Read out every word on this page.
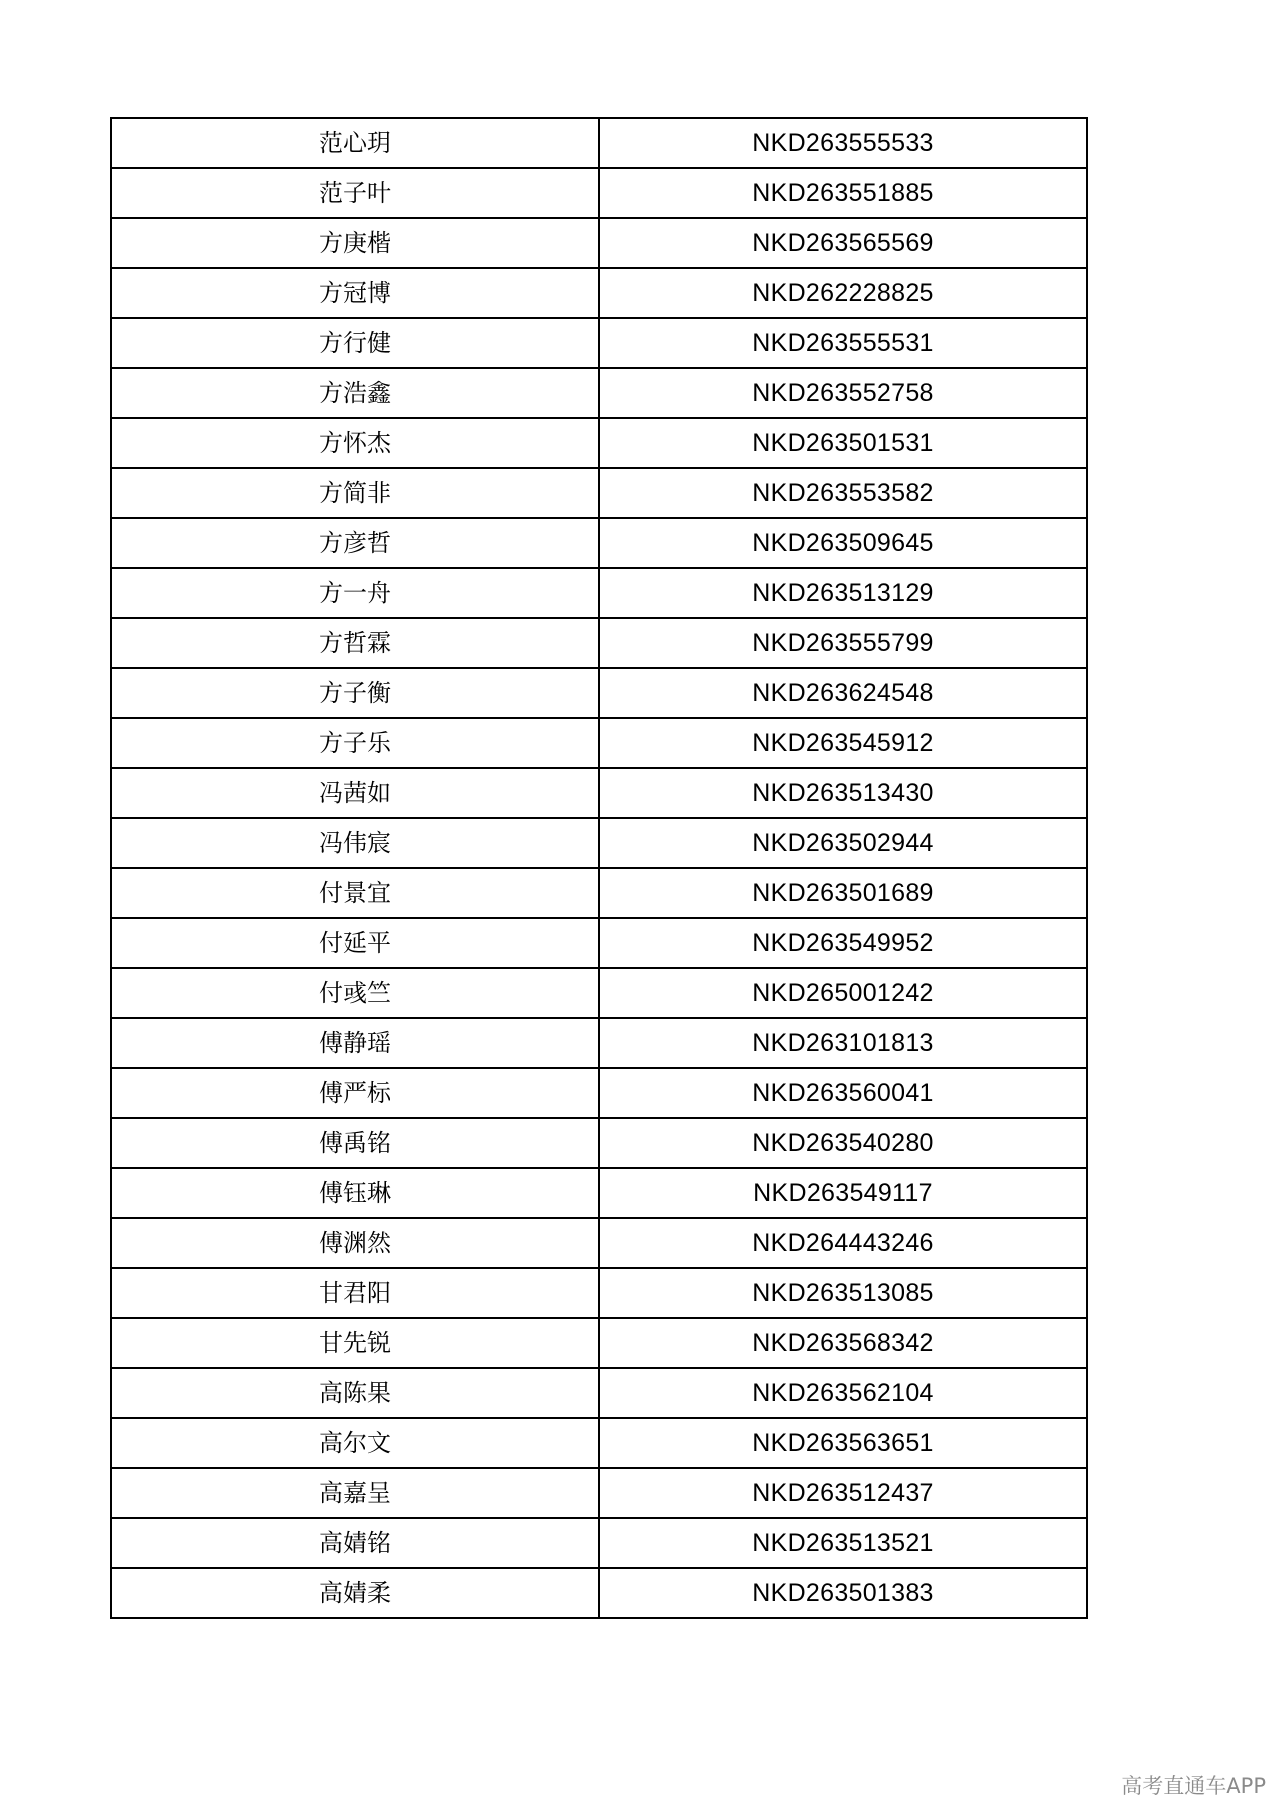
范心玥	NKD263555533
范子叶	NKD263551885
方庚楷	NKD263565569
方冠博	NKD262228825
方行健	NKD263555531
方浩鑫	NKD263552758
方怀杰	NKD263501531
方简非	NKD263553582
方彦哲	NKD263509645
方一舟	NKD263513129
方哲霖	NKD263555799
方子衡	NKD263624548
方子乐	NKD263545912
冯茜如	NKD263513430
冯伟宸	NKD263502944
付景宜	NKD263501689
付延平	NKD263549952
付彧竺	NKD265001242
傅静瑶	NKD263101813
傅严标	NKD263560041
傅禹铭	NKD263540280
傅钰琳	NKD263549117
傅渊然	NKD264443246
甘君阳	NKD263513085
甘先锐	NKD263568342
高陈果	NKD263562104
高尔文	NKD263563651
高嘉呈	NKD263512437
高婧铭	NKD263513521
高婧柔	NKD263501383
高考直通车APP
